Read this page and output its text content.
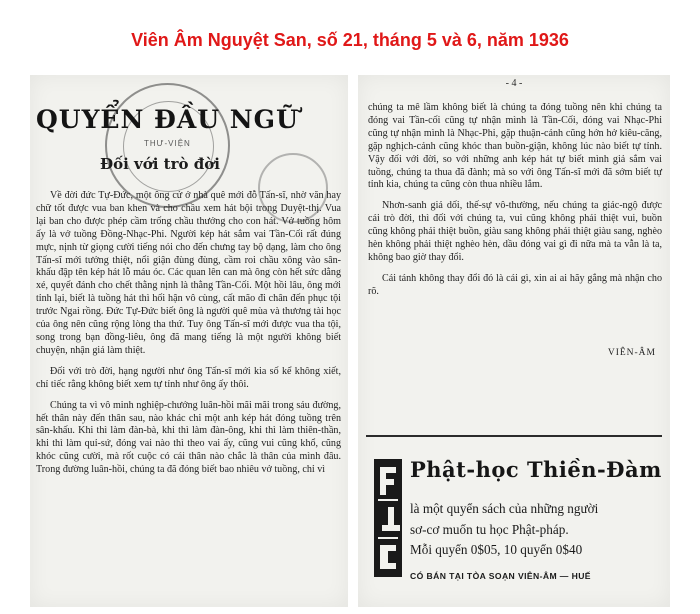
Viên Âm Nguyệt San, số 21, tháng 5 và 6, năm 1936
THƯ-VIỆN
QUYỂN ĐẦU NGỮ
Đối với trò đời

Về đời đức Tự-Đức, một ông cử ở nhà quê mới đỗ Tấn-sĩ, nhờ văn hay chữ tốt được vua ban khen và cho chầu xem hát bội trong Duyệt-thị. Vua lại ban cho được phép cầm trống chầu thưởng cho con hát. Vở tuồng hôm ấy là vở tuồng Đồng-Nhạc-Phi. Người kép hát sắm vai Tần-Cối rất đúng mực, nịnh từ giọng cười tiếng nói cho đến chưng tay bộ dạng, làm cho ông Tấn-sĩ mới tưởng thiệt, nổi giận đùng đùng, cầm roi chầu xông vào sân-khấu đập tên kép hát lỗ máu óc. Các quan lên can mà ông còn hết sức dằng xé, quyết đánh cho chết thằng nịnh là thằng Tần-Cối. Một hồi lâu, ông mới tỉnh lại, biết là tuồng hát thì hối hận vô cùng, cất mão đi chân đến phục tội trước Ngai rồng. Đức Tự-Đức biết ông là người quê mùa và thương tài học của ông nên cũng rộng lòng tha thứ. Tuy ông Tấn-sĩ mới được vua tha tội, song trong bạn đồng-liêu, ông đã mang tiếng là một người không biết chuyện, nhận giả làm thiệt.

Đối với trò đời, hạng người như ông Tấn-sĩ mới kia số kể không xiết, chỉ tiếc rằng không biết xem tự tỉnh như ông ấy thôi.

Chúng ta vì vô minh nghiệp-chướng luân-hồi mãi mãi trong sáu đường, hết thân này đến thân sau, nào khác chi một anh kép hát đóng tuồng trên sân-khấu. Khi thì làm đàn-bà, khi thì làm đàn-ông, khi thì làm thiên-thần, khi thì làm quỉ-sứ, đóng vai nào thì theo vai ấy, cũng vui cũng khổ, cũng khóc cũng cười, mà rốt cuộc có cái thân nào chắc là thân của mình đâu. Trong đường luân-hồi, chúng ta đã đóng biết bao nhiêu vở tuồng, chỉ vì

- 4 -

chúng ta mê lầm không biết là chúng ta đóng tuồng nên khi chúng ta đóng vai Tần-cối cũng tự nhận mình là Tần-Cối, đóng vai Nhạc-Phi cũng tự nhận mình là Nhạc-Phi, gặp thuận-cảnh cũng hớn hở kiêu-căng, gặp nghịch-cảnh cũng khóc than buồn-giận, không lúc nào biết tự tỉnh. Vậy đối với đời, so với những anh kép hát tự biết mình giả sắm vai tuồng, chúng ta thua đã đành; mà so với ông Tấn-sĩ mới đã sớm biết tự tỉnh kia, chúng ta cũng còn thua nhiều lắm.

Nhơn-sanh giả dối, thế-sự vô-thường, nếu chúng ta giác-ngộ được cái trò đời, thì đối với chúng ta, vui cũng không phải thiệt vui, buồn cũng không phải thiệt buồn, giàu sang không phải thiệt giàu sang, nghèo hèn không phải thiệt nghèo hèn, dầu đóng vai gì đi nữa mà ta vẫn là ta, không bao giờ thay đổi.

Cái tánh không thay đổi đó là cái gì, xin ai ai hãy gắng mà nhận cho rõ.

VIÊN-ÂM
Phật-học Thiền-Đàm
là một quyển sách của những người
sơ-cơ muốn tu học Phật-pháp.
Mỗi quyển 0$05, 10 quyển 0$40
CÓ BÁN TẠI TÒA SOẠN VIÊN-ÂM — HUẾ
